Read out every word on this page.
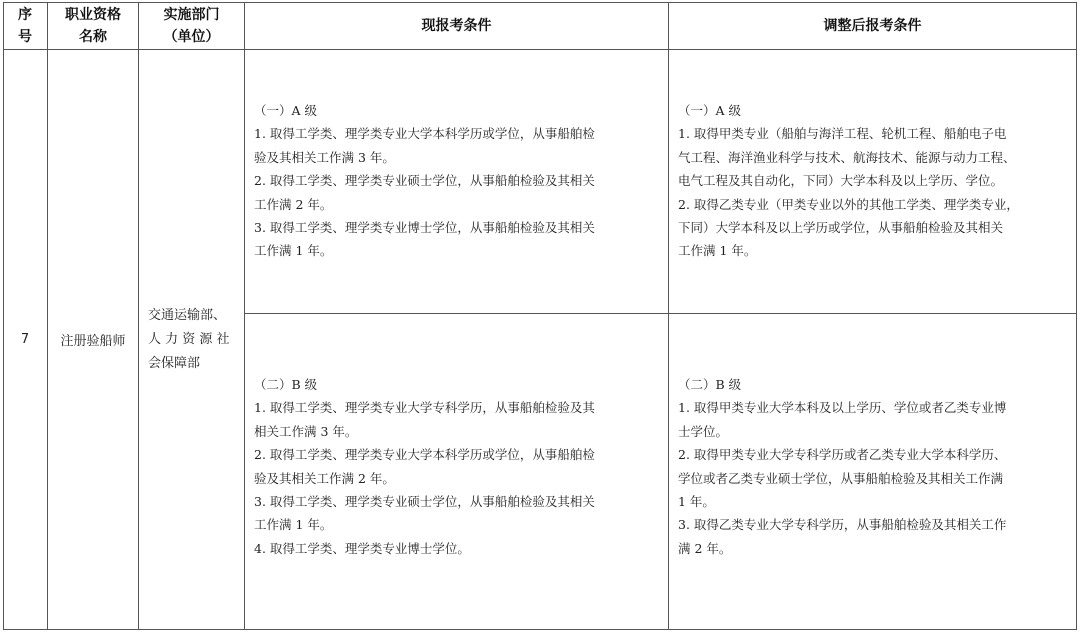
序
号
职业资格
名称
实施部门
（单位）
现报考条件	调整后报考条件
7 注册验船师
交通运输部、
人 力 资 源 社
会保障部

（一）A 级

1. 取得工学类、理学类专业大学本科学历或学位，从事船舶检

验及其相关工作满 3 年。

2. 取得工学类、理学类专业硕士学位，从事船舶检验及其相关

工作满 2 年。

3. 取得工学类、理学类专业博士学位，从事船舶检验及其相关

工作满 1 年。

（二）B 级

1. 取得工学类、理学类专业大学专科学历，从事船舶检验及其

相关工作满 3 年。

2. 取得工学类、理学类专业大学本科学历或学位，从事船舶检

验及其相关工作满 2 年。

3. 取得工学类、理学类专业硕士学位，从事船舶检验及其相关

工作满 1 年。

4. 取得工学类、理学类专业博士学位。

（一）A 级

1. 取得甲类专业（船舶与海洋工程、轮机工程、船舶电子电

气工程、海洋渔业科学与技术、航海技术、能源与动力工程、

电气工程及其自动化，下同）大学本科及以上学历、学位。

2. 取得乙类专业（甲类专业以外的其他工学类、理学类专业，

下同）大学本科及以上学历或学位，从事船舶检验及其相关

工作满 1 年。

（二）B 级

1. 取得甲类专业大学本科及以上学历、学位或者乙类专业博

士学位。

2. 取得甲类专业大学专科学历或者乙类专业大学本科学历、

学位或者乙类专业硕士学位，从事船舶检验及其相关工作满

1 年。

3. 取得乙类专业大学专科学历，从事船舶检验及其相关工作

满 2 年。
